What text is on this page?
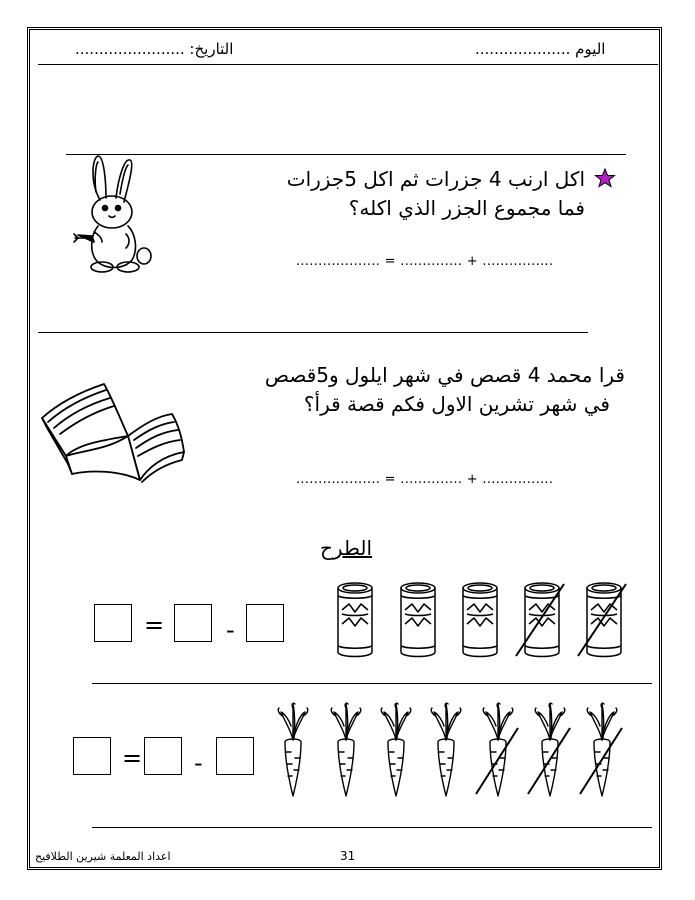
اليوم ....................
التاريخ: .......................
اكل ارنب 4 جزرات ثم اكل 5جزرات
فما مجموع الجزر الذي اكله؟
................... = .............. + ................
قرا محمد 4 قصص في شهر ايلول و5قصص
في شهر تشرين الاول فكم قصة قرأ؟
................... = .............. + ................
الطرح
=	-
= -
31
اعداد المعلمة شيرين الطلافيح
